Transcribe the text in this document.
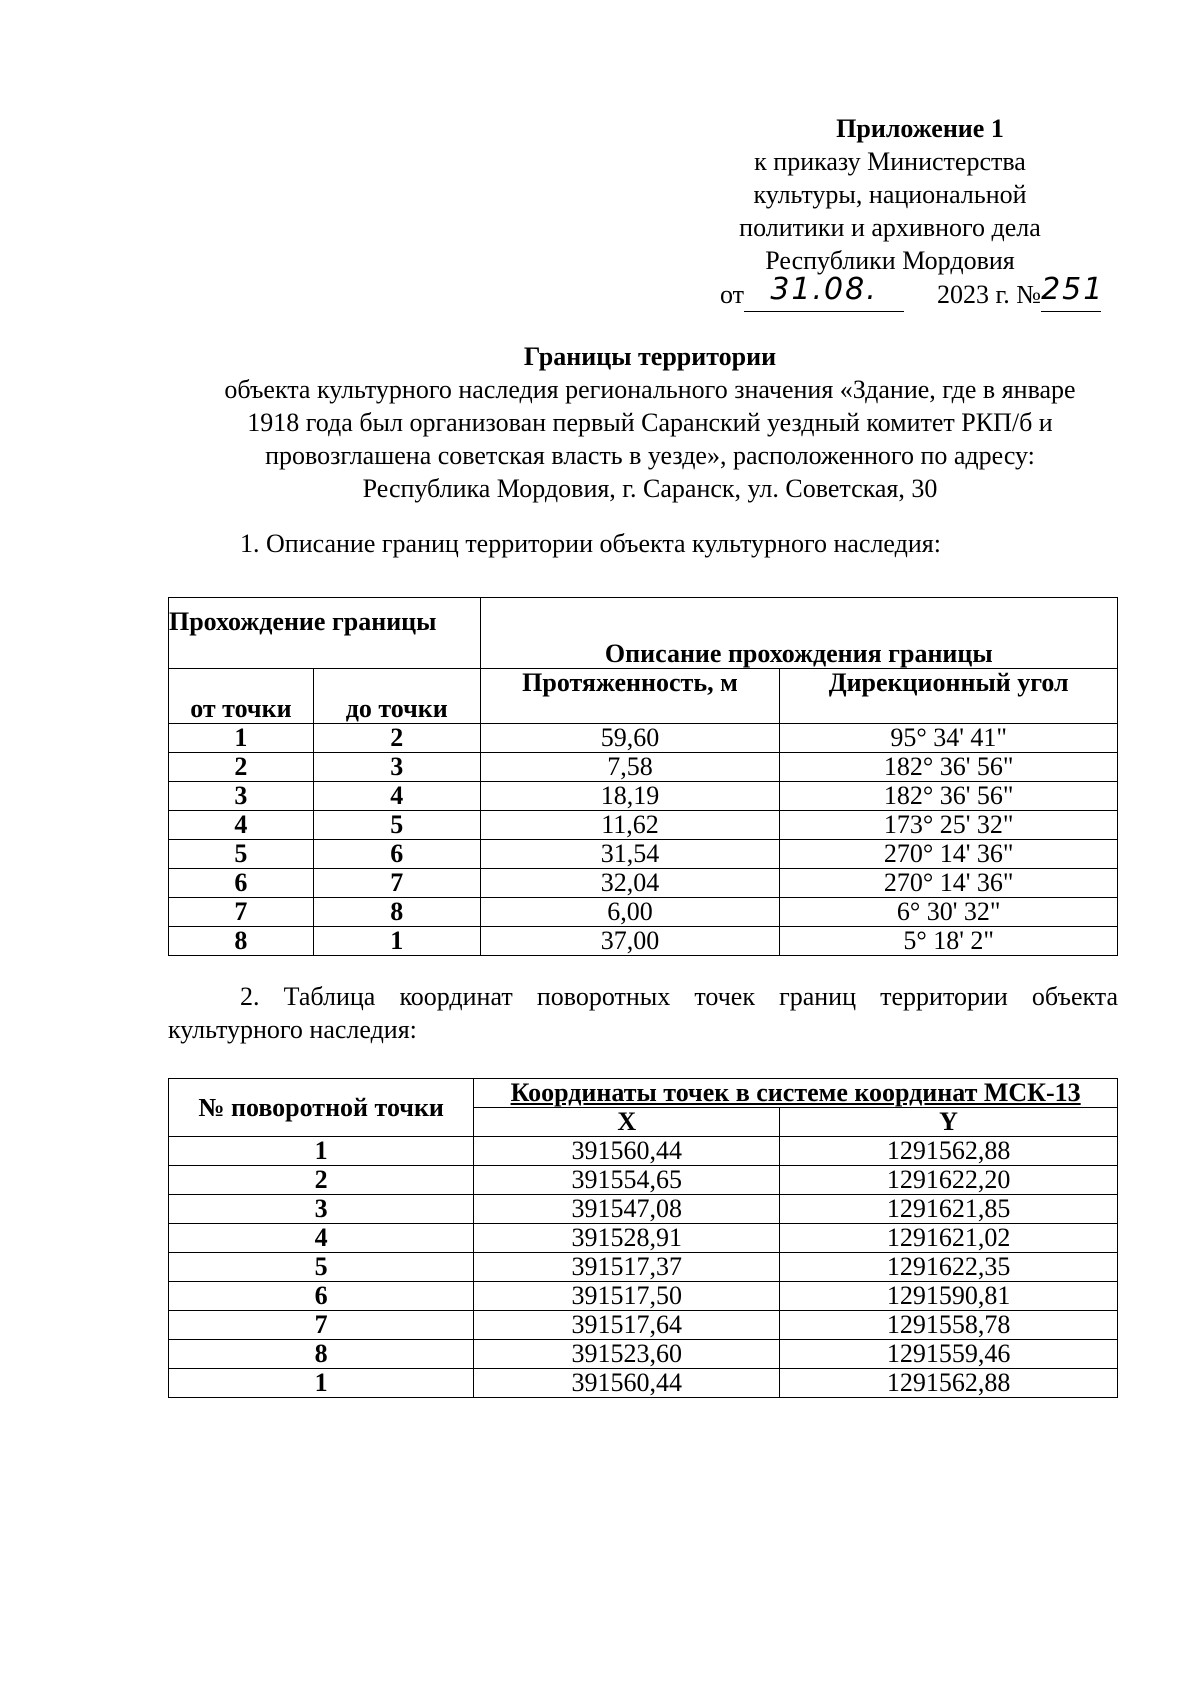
Приложение 1
к приказу Министерства
культуры, национальной
политики и архивного дела
Республики Мордовия
от 31.08. 2023 г. №251
Границы территории
объекта культурного наследия регионального значения «Здание, где в январе
1918 года был организован первый Саранский уездный комитет РКП/б и
провозглашена советская власть в уезде», расположенного по адресу:
Республика Мордовия, г. Саранск, ул. Советская, 30
1. Описание границ территории объекта культурного наследия:
Прохождение границы		Описание прохождения границы	
от точки	до точки	Протяженность, м	Дирекционный угол
1	2	59,60	95° 34' 41"
2	3	7,58	182° 36' 56"
3	4	18,19	182° 36' 56"
4	5	11,62	173° 25' 32"
5	6	31,54	270° 14' 36"
6	7	32,04	270° 14' 36"
7	8	6,00	6° 30' 32"
8	1	37,00	5° 18' 2"
2. Таблица координат поворотных точек границ территории объекта культурного наследия:
№ поворотной точки	Координаты точек в системе координат МСК-13	
	X	Y
1	391560,44	1291562,88
2	391554,65	1291622,20
3	391547,08	1291621,85
4	391528,91	1291621,02
5	391517,37	1291622,35
6	391517,50	1291590,81
7	391517,64	1291558,78
8	391523,60	1291559,46
1	391560,44	1291562,88
